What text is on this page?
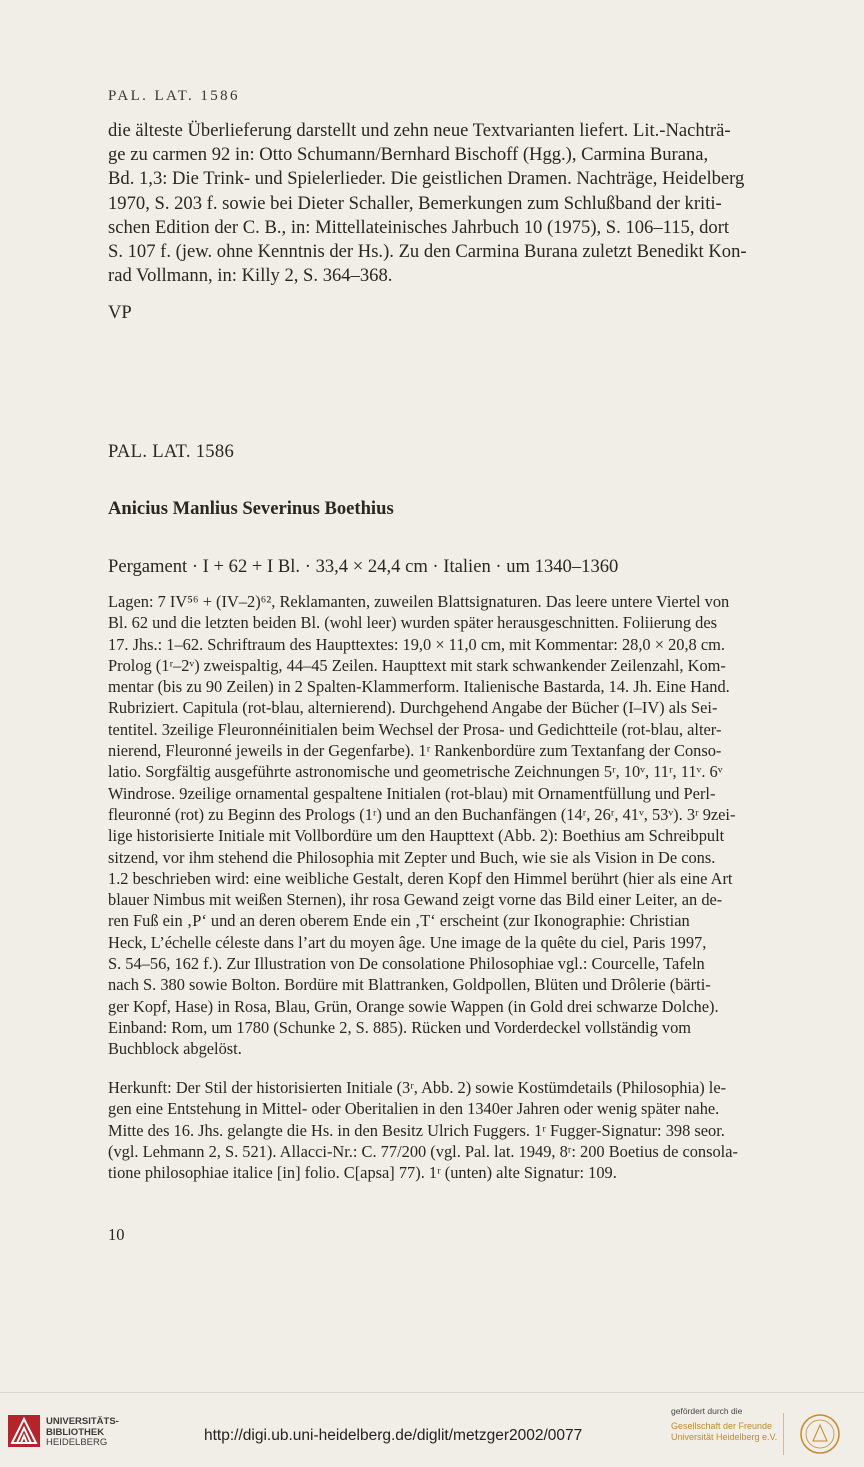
PAL. LAT. 1586

die älteste Überlieferung darstellt und zehn neue Textvarianten liefert. Lit.-Nachträ-

ge zu carmen 92 in: Otto Schumann/Bernhard Bischoff (Hgg.), Carmina Burana,

Bd. 1,3: Die Trink- und Spielerlieder. Die geistlichen Dramen. Nachträge, Heidelberg

1970, S. 203 f. sowie bei Dieter Schaller, Bemerkungen zum Schlußband der kriti-

schen Edition der C. B., in: Mittellateinisches Jahrbuch 10 (1975), S. 106–115, dort

S. 107 f. (jew. ohne Kenntnis der Hs.). Zu den Carmina Burana zuletzt Benedikt Kon-

rad Vollmann, in: Killy 2, S. 364–368.

VP

PAL. LAT. 1586
Anicius Manlius Severinus Boethius
Pergament · I + 62 + I Bl. · 33,4 × 24,4 cm · Italien · um 1340–1360

Lagen: 7 IV⁵⁶ + (IV–2)⁶², Reklamanten, zuweilen Blattsignaturen. Das leere untere Viertel von

Bl. 62 und die letzten beiden Bl. (wohl leer) wurden später herausgeschnitten. Foliierung des

17. Jhs.: 1–62. Schriftraum des Haupttextes: 19,0 × 11,0 cm, mit Kommentar: 28,0 × 20,8 cm.

Prolog (1ʳ–2ᵛ) zweispaltig, 44–45 Zeilen. Haupttext mit stark schwankender Zeilenzahl, Kom-

mentar (bis zu 90 Zeilen) in 2 Spalten-Klammerform. Italienische Bastarda, 14. Jh. Eine Hand.

Rubriziert. Capitula (rot-blau, alternierend). Durchgehend Angabe der Bücher (I–IV) als Sei-

tentitel. 3zeilige Fleuronnéinitialen beim Wechsel der Prosa- und Gedichtteile (rot-blau, alter-

nierend, Fleuronné jeweils in der Gegenfarbe). 1ʳ Rankenbordüre zum Textanfang der Conso-

latio. Sorgfältig ausgeführte astronomische und geometrische Zeichnungen 5ʳ, 10ᵛ, 11ʳ, 11ᵛ. 6ᵛ

Windrose. 9zeilige ornamental gespaltene Initialen (rot-blau) mit Ornamentfüllung und Perl-

fleuronné (rot) zu Beginn des Prologs (1ʳ) und an den Buchanfängen (14ʳ, 26ʳ, 41ᵛ, 53ᵛ). 3ʳ 9zei-

lige historisierte Initiale mit Vollbordüre um den Haupttext (Abb. 2): Boethius am Schreibpult

sitzend, vor ihm stehend die Philosophia mit Zepter und Buch, wie sie als Vision in De cons.

1.2 beschrieben wird: eine weibliche Gestalt, deren Kopf den Himmel berührt (hier als eine Art

blauer Nimbus mit weißen Sternen), ihr rosa Gewand zeigt vorne das Bild einer Leiter, an de-

ren Fuß ein ‚P‘ und an deren oberem Ende ein ‚T‘ erscheint (zur Ikonographie: Christian

Heck, L’échelle céleste dans l’art du moyen âge. Une image de la quête du ciel, Paris 1997,

S. 54–56, 162 f.). Zur Illustration von De consolatione Philosophiae vgl.: Courcelle, Tafeln

nach S. 380 sowie Bolton. Bordüre mit Blattranken, Goldpollen, Blüten und Drôlerie (bärti-

ger Kopf, Hase) in Rosa, Blau, Grün, Orange sowie Wappen (in Gold drei schwarze Dolche).

Einband: Rom, um 1780 (Schunke 2, S. 885). Rücken und Vorderdeckel vollständig vom

Buchblock abgelöst.

Herkunft: Der Stil der historisierten Initiale (3ʳ, Abb. 2) sowie Kostümdetails (Philosophia) le-

gen eine Entstehung in Mittel- oder Oberitalien in den 1340er Jahren oder wenig später nahe.

Mitte des 16. Jhs. gelangte die Hs. in den Besitz Ulrich Fuggers. 1ʳ Fugger-Signatur: 398 seor.

(vgl. Lehmann 2, S. 521). Allacci-Nr.: C. 77/200 (vgl. Pal. lat. 1949, 8ʳ: 200 Boetius de consola-

tione philosophiae italice [in] folio. C[apsa] 77). 1ʳ (unten) alte Signatur: 109.

10
UNIVERSITÄTS-
BIBLIOTHEK
HEIDELBERG	http://digi.ub.uni-heidelberg.de/diglit/metzger2002/0077
gefördert durch die
Gesellschaft der Freunde
Universität Heidelberg e.V.
